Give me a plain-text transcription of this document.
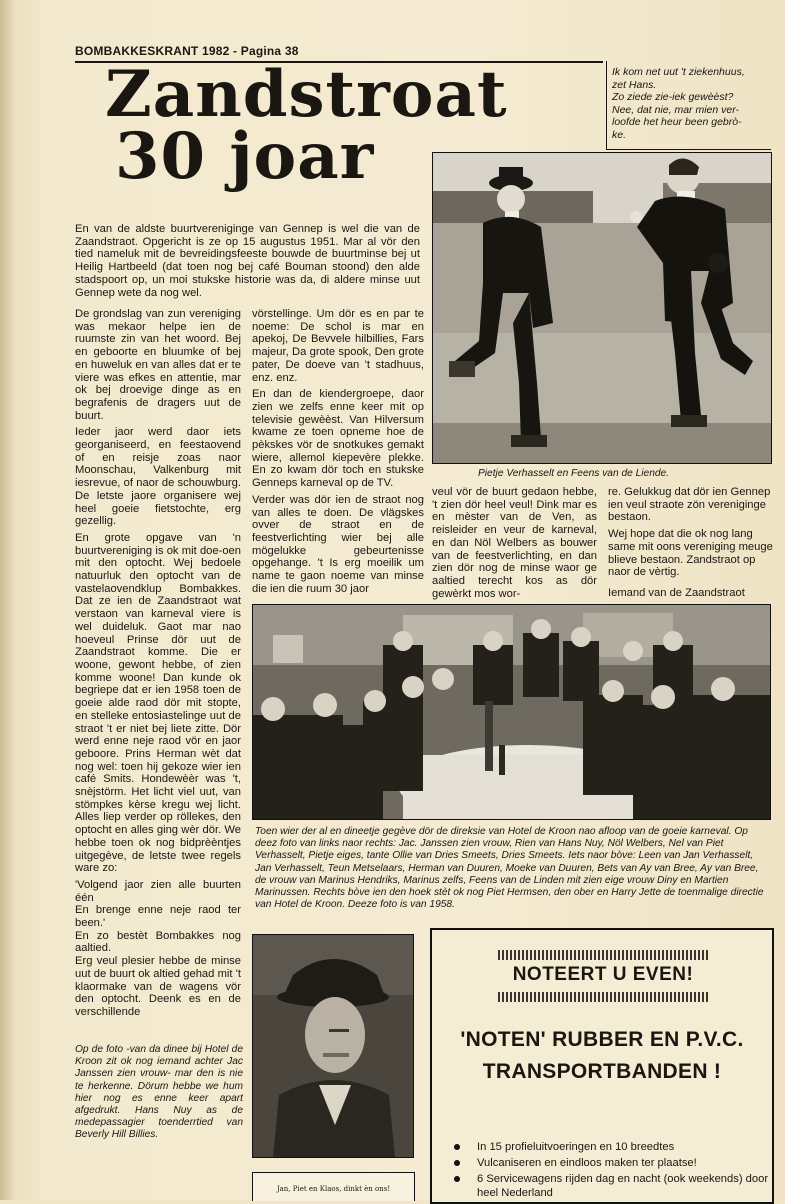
BOMBAKKESKRANT 1982 - Pagina 38
Zandstroat
30 joar
Ik kom net uut 't ziekenhuus,
zet Hans.
Zo ziede zie-iek gewèèst?
Nee, dat nie, mar mien ver-
loofde het heur been gebrò-
ke.
Pietje Verhasselt en Feens van de Liende.
En van de aldste buurtvereniginge van Gennep is wel die van de Zaandstraot. Opgericht is ze op 15 augustus 1951. Mar al vör den tied nameluk mit de bevreidingsfeeste bouwde de buurtminse bej ut Heilig Hartbeeld (dat toen nog bej café Bouman stoond) den alde stadspoort op, un moi stukske historie was da, di aldere minse uut Gennep wete da nog wel.

De grondslag van zun vereniging was mekaor helpe ien de ruumste zin van het woord. Bej en geboorte en bluumke of bej en huweluk en van alles dat er te viere was efkes en attentie, mar ok bej droevige dinge as en begrafenis de dragers uut de buurt.

Ieder jaor werd daor iets georganiseerd, en feestaovend of en reisje zoas naor Moonschau, Valkenburg mit iesrevue, of naor de schouwburg. De letste jaore organisere wej heel goeie fietstochte, erg gezellig.

En grote opgave van 'n buurtvereniging is ok mit doe-oen mit den optocht. Wej bedoele natuurluk den optocht van de vastelaovendklup Bombakkes. Dat ze ien de Zaandstraot wat verstaon van karneval viere is wel duideluk. Gaot mar nao hoeveul Prinse dör uut de Zaandstraot komme. Die er woone, gewont hebbe, of zien komme woone! Dan kunde ok begriepe dat er ien 1958 toen de goeie alde raod dör mit stopte, en stelleke entosiastelinge uut de straot 't er niet bej liete zitte. Dör werd enne neje raod vör en jaor geboore. Prins Herman wèt dat nog wel: toen hij gekoze wier ien café Smits. Hondewèèr was 't, snèjstörm. Het licht viel uut, van stömpkes kèrse kregu wej licht. Alles liep verder op röllekes, den optocht en alles ging wèr dör. We hebbe toen ok nog bidprèèntjes uitgegève, de letste twee regels ware zo:

'Volgend jaor zien alle buurten één

En brenge enne neje raod ter been.'

En zo bestèt Bombakkes nog aaltied.

Erg veul plesier hebbe de minse uut de buurt ok altied gehad mit 't klaormake van de wagens vör den optocht. Deenk es en de verschillende

vörstellinge. Um dör es en par te noeme: De schol is mar en apekoj, De Bevvele hilbillies, Fars majeur, Da grote spook, Den grote pater, De doeve van 't stadhuus, enz. enz.

En dan de kiendergroepe, daor zien we zelfs enne keer mit op televisie gewèèst. Van Hilversum kwame ze toen opneme hoe de pèkskes vör de snotkukes gemakt wiere, allemol kiepevère plekke. En zo kwam dör toch en stukske Genneps karneval op de TV.

Verder was dör ien de straot nog van alles te doen. De vlägskes ovver de straot en de feestverlichting wier bej alle mögelukke gebeurtenisse opgehange. 't Is erg moeilik um name te gaon noeme van minse die ien die ruum 30 jaor

veul vör de buurt gedaon hebbe, 't zien dör heel veul! Dink mar es en mèster van de Ven, as reisleider en veur de karneval, en dan Nöl Welbers as bouwer van de feestverlichting, en dan zien dör nog de minse waor ge aaltied terecht kos as dör gewèrkt mos wor-

re. Gelukkug dat dör ien Gennep ien veul straote zön vereniginge bestaon.

Wej hope dat die ok nog lang same mit oons vereniging meuge blieve bestaon. Zandstraot op naor de vèrtig.

Iemand van de Zaandstraot

Toen wier der al en dineetje gegève dör de direksie van Hotel de Kroon nao afloop van de goeie karneval. Op deez foto van links naor rechts: Jac. Janssen zien vrouw, Rien van Hans Nuy, Nöl Welbers, Nel van Piet Verhasselt, Pietje eiges, tante Ollie van Dries Smeets, Dries Smeets. Iets naor bòve: Leen van Jan Verhasselt, Jan Verhasselt, Teun Metselaars, Herman van Duuren, Moeke van Duuren, Bets van Ay van Bree, Ay van Bree, de vrouw van Marinus Hendriks, Marinus zelfs, Feens van de Linden mit zien eige vrouw Diny en Martien Marinussen. Rechts bòve ien den hoek stèt ok nog Piet Hermsen, den ober en Harry Jette de toenmalige directie van Hotel de Kroon. Deeze foto is van 1958.
Op de foto -van da dinee bij Hotel de Kroon zit ok nog iemand achter Jac Janssen zien vrouw- mar den is nie te herkenne. Dörum hebbe we hum hier nog es enne keer apart afgedrukt. Hans Nuy as de medepassagier toenderrtied van Beverly Hill Billies.
Jan, Piet en Klaos, dinkt èn ons!
NOTEERT U EVEN!
'NOTEN' RUBBER EN P.V.C.
TRANSPORTBANDEN !
In 15 profieluitvoeringen en 10 breedtes
Vulcaniseren en eindloos maken ter plaatse!
6 Servicewagens rijden dag en nacht (ook weekends) door heel Nederland
